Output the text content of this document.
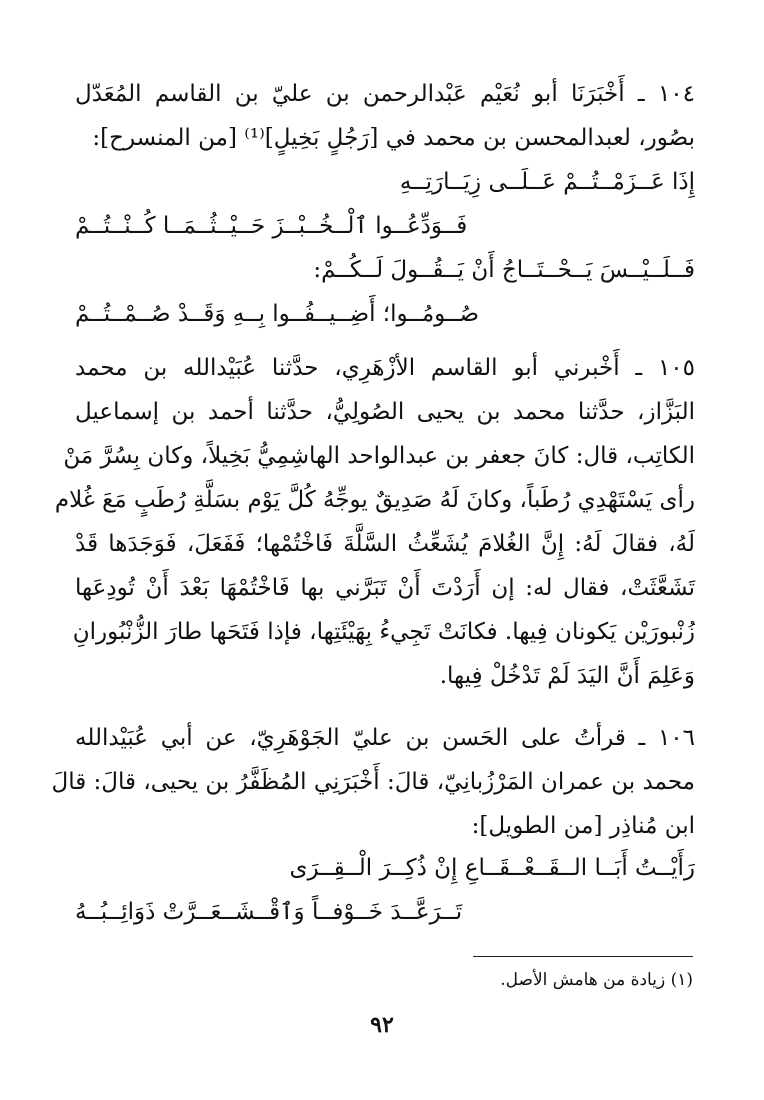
١٠٤ ـ أَخْبَرَنَا أبو نُعَيْم عَبْدالرحمن بن عليّ بن القاسم المُعَدّل
بصُور، لعبدالمحسن بن محمد في [رَجُلٍ بَخِيلٍ]⁽¹⁾ [من المنسرح]:
إِذَا عَــزَمْــتُــمْ عَــلَــى زِيَــارَتِــهِ
فَــوَدِّعُــوا ٱلْــخُــبْــزَ حَــيْــثُــمَــا كُــنْــتُــمْ
فَــلَــيْــسَ يَــحْــتَــاجُ أَنْ يَــقُــولَ لَــكُــمْ:
صُــومُــوا؛ أَضِــيــفُــوا بِــهِ وَقَــدْ صُــمْــتُــمْ
١٠٥ ـ أَخْبرني أبو القاسم الأزْهَرِي، حدَّثنا عُبَيْدالله بن محمد
البَزَّاز، حدَّثنا محمد بن يحيى الصُولِيُّ، حدَّثنا أحمد بن إسماعيل
الكاتِب، قال: كانَ جعفر بن عبدالواحد الهاشِمِيُّ بَخِيلاً، وكان بِسُرَّ مَنْ
رأى يَسْتَهْدِي رُطَباً، وكانَ لَهُ صَدِيقٌ يوجِّهُ كُلَّ يَوْم بسَلَّةِ رُطَبٍ مَعَ غُلام
لَهُ، فقالَ لَهُ: إِنَّ الغُلامَ يُشَعِّثُ السَّلَّةَ فَاخْتُمْها؛ فَفَعَلَ، فَوَجَدَها قَدْ
تَشَعَّثَتْ، فقال له: إن أَرَدْتَ أَنْ تَبَرَّني بها فَاخْتُمْهَا بَعْدَ أَنْ تُودِعَها
زُنْبورَيْن يَكونان فِيها. فكانَتْ تَجِيءُ بِهَيْئَتِها، فإذا فَتَحَها طارَ الزُّنْبُورانِ
وَعَلِمَ أَنَّ اليَدَ لَمْ تَدْخُلْ فِيها.
١٠٦ ـ قرأتُ على الحَسن بن عليّ الجَوْهَرِيّ، عن أبي عُبَيْدالله
محمد بن عمران المَرْزُبانِيّ، قالَ: أَخْبَرَنِي المُظَفَّرُ بن يحيى، قالَ: قالَ
ابن مُناذِر [من الطويل]:
رَأَيْــتُ أَبَــا الــقَــعْــقَــاعِ إِنْ ذُكِــرَ الْــقِــرَى
تَــرَعَّــدَ خَــوْفــاً وَٱقْــشَــعَــرَّتْ ذَوَائِــبُــهُ
(١) زيادة من هامش الأصل.
٩٢
